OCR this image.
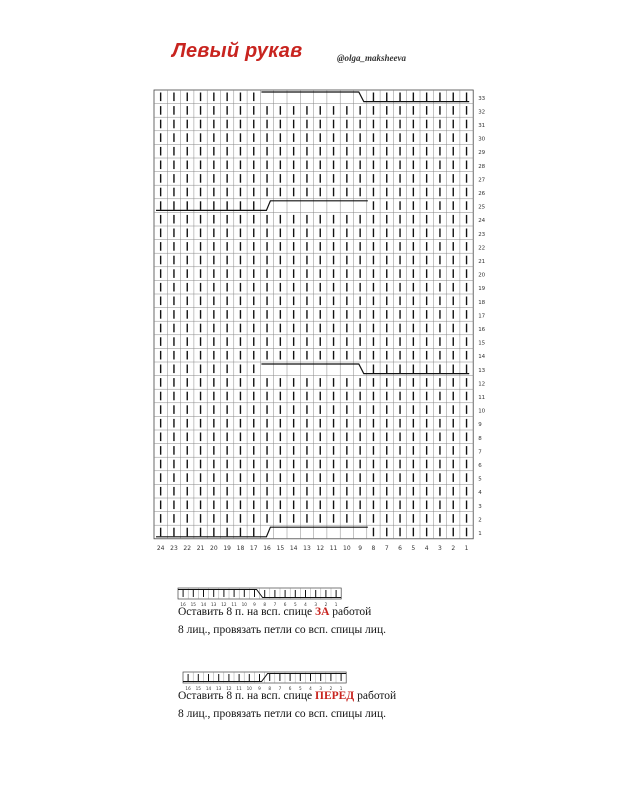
Левый рукав	@olga_maksheeva
33
32
31
30
29
28
27
26
25
24
23
22
21
20
19
18
17
16
15
14
13
12
11
10
9
8
7
6
5
4
3
2
1
24 23 22 21 20 19 18 17 16 15 14 13 12 11 10 9 8 7 6 5 4 3 2 1
16 15 14 13 12 11 10 9 8 7 6 5 4 3 2 1
16 15 14 13 12 11 10 9 8 7 6 5 4 3 2 1
Оставить 8 п. на всп. спице ЗА работой
8 лиц., провязать петли со всп. спицы лиц.
Оставить 8 п. на всп. спице ПЕРЕД работой
8 лиц., провязать петли со всп. спицы лиц.
